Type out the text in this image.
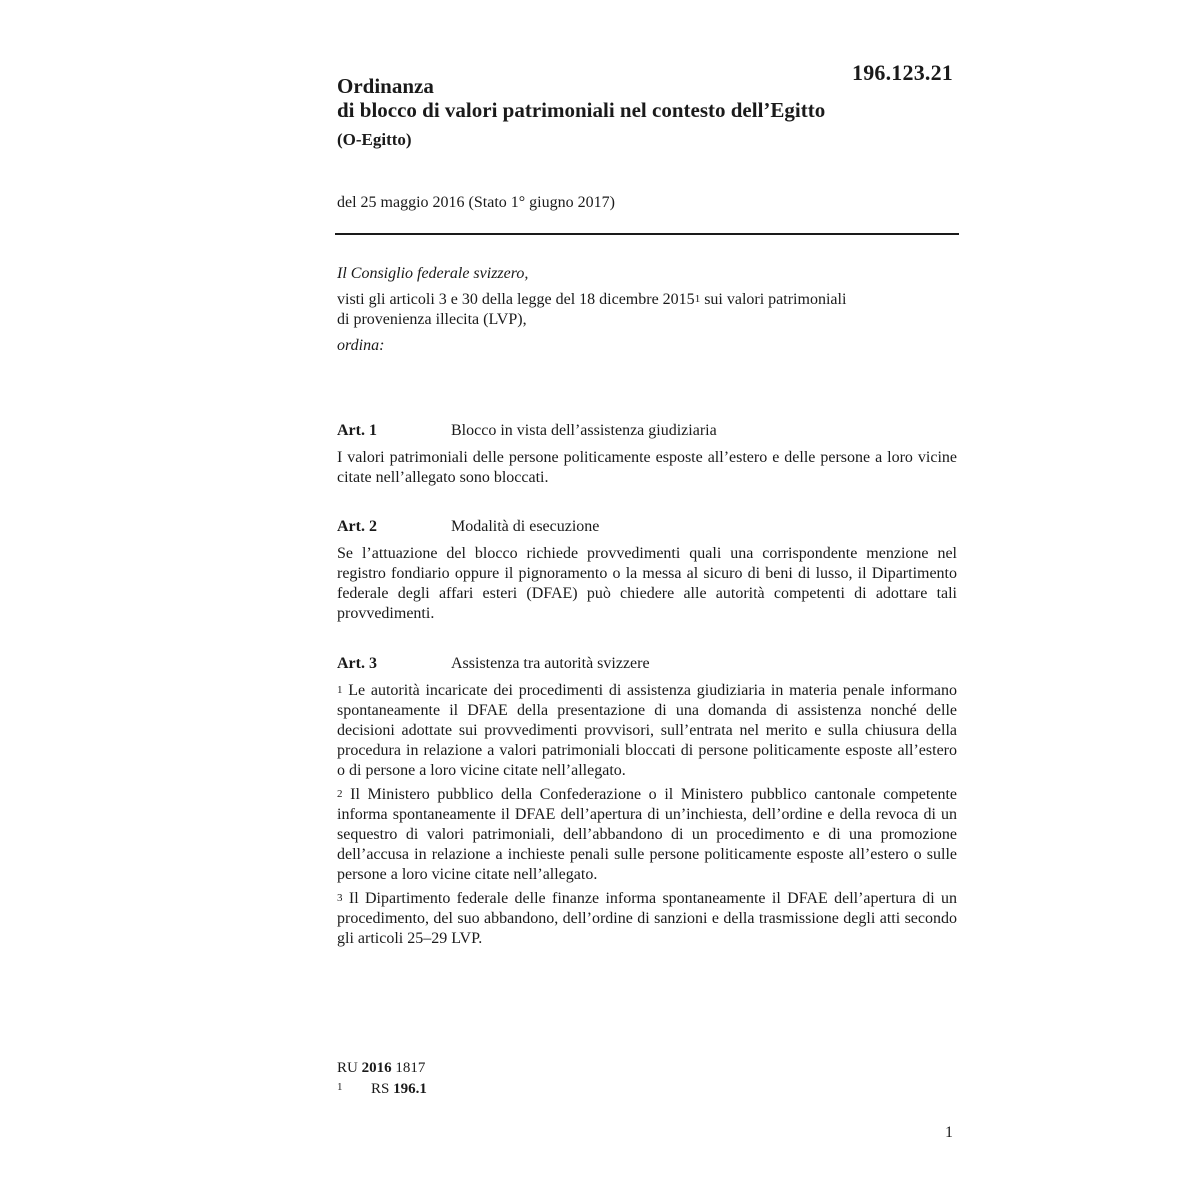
196.123.21
Ordinanza
di blocco di valori patrimoniali nel contesto dell’Egitto
(O-Egitto)
del 25 maggio 2016 (Stato 1° giugno 2017)

Il Consiglio federale svizzero,

visti gli articoli 3 e 30 della legge del 18 dicembre 2015$^1$ sui valori patrimoniali

di provenienza illecita (LVP),

ordina:

Art. 1	Blocco in vista dell’assistenza giudiziaria

I valori patrimoniali delle persone politicamente esposte all’estero e delle persone a loro vicine citate nell’allegato sono bloccati.

Art. 2	Modalità di esecuzione

Se l’attuazione del blocco richiede provvedimenti quali una corrispondente menzione nel registro fondiario oppure il pignoramento o la messa al sicuro di beni di lusso, il Dipartimento federale degli affari esteri (DFAE) può chiedere alle autorità competenti di adottare tali provvedimenti.

Art. 3	Assistenza tra autorità svizzere

$^1$ Le autorità incaricate dei procedimenti di assistenza giudiziaria in materia penale informano spontaneamente il DFAE della presentazione di una domanda di assistenza nonché delle decisioni adottate sui provvedimenti provvisori, sull’entrata nel merito e sulla chiusura della procedura in relazione a valori patrimoniali bloccati di persone politicamente esposte all’estero o di persone a loro vicine citate nell’allegato.

$^2$ Il Ministero pubblico della Confederazione o il Ministero pubblico cantonale competente informa spontaneamente il DFAE dell’apertura di un’inchiesta, dell’ordine e della revoca di un sequestro di valori patrimoniali, dell’abbandono di un procedimento e di una promozione dell’accusa in relazione a inchieste penali sulle persone politicamente esposte all’estero o sulle persone a loro vicine citate nell’allegato.

$^3$ Il Dipartimento federale delle finanze informa spontaneamente il DFAE dell’apertura di un procedimento, del suo abbandono, dell’ordine di sanzioni e della trasmissione degli atti secondo gli articoli 25–29 LVP.

RU 2016 1817
1	RS 196.1
1
